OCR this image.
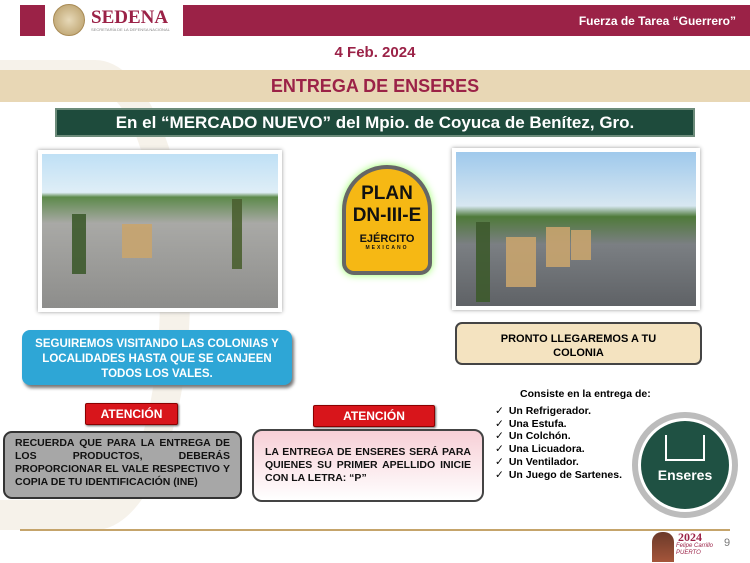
SEDENA
SECRETARÍA DE LA DEFENSA NACIONAL
Fuerza de Tarea “Guerrero”
4 Feb. 2024
ENTREGA DE ENSERES
En el “MERCADO NUEVO” del Mpio. de Coyuca de Benítez, Gro.
PLAN
DN-III-E
EJÉRCITO
MEXICANO
SEGUIREMOS VISITANDO LAS COLONIAS Y LOCALIDADES HASTA QUE SE CANJEEN TODOS LOS VALES.
PRONTO LLEGAREMOS A TU COLONIA
ATENCIÓN
RECUERDA QUE PARA LA ENTREGA DE LOS PRODUCTOS, DEBERÁS PROPORCIONAR EL VALE RESPECTIVO Y COPIA DE TU IDENTIFICACIÓN (INE)
ATENCIÓN
LA ENTREGA DE ENSERES SERÁ PARA QUIENES SU PRIMER APELLIDO INICIE CON LA LETRA: “P”
Consiste en la entrega de:
✓ Un Refrigerador.
✓ Una Estufa.
✓ Un Colchón.
✓ Una Licuadora.
✓ Un Ventilador.
✓ Un Juego de Sartenes.	Enseres
2024
Felipe Carrillo PUERTO
9
